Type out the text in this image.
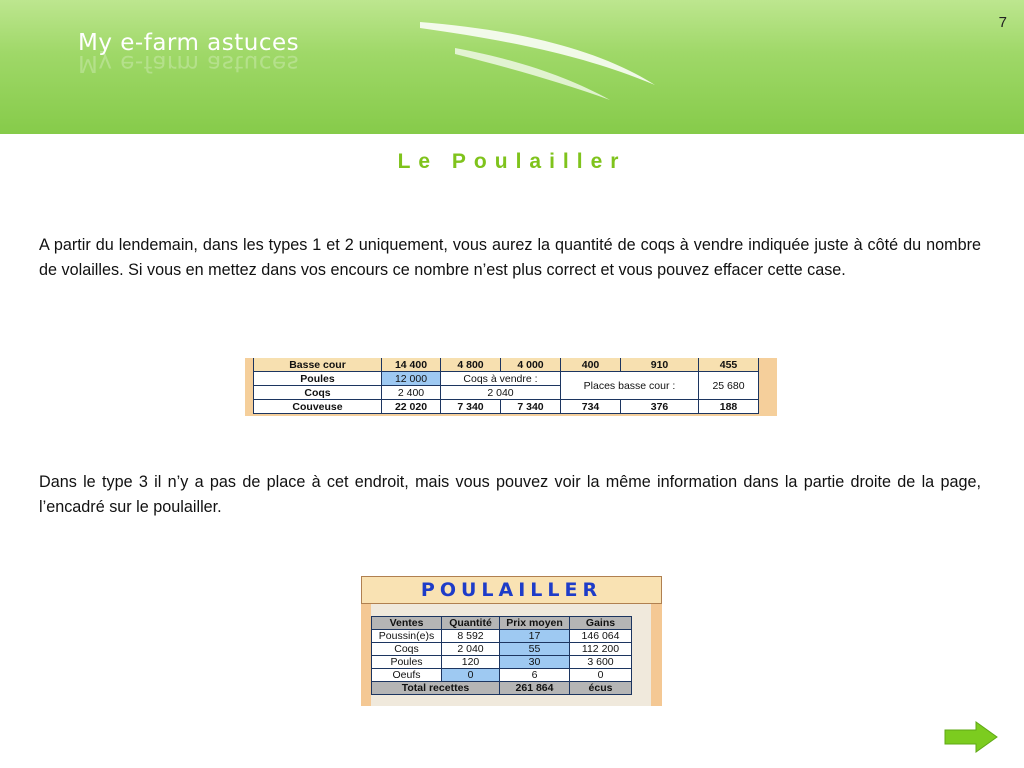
My e-farm astuces
My e-farm astuces
7
Le Poulailler
A partir du lendemain, dans les types 1 et 2 uniquement, vous aurez la quantité de coqs à vendre indiquée juste à côté du nombre de volailles. Si vous en mettez dans vos encours ce nombre n’est plus correct et vous pouvez effacer cette case.
Basse cour	14 400	4 800	4 000	400	910	455
Poules	12 000	Coqs à vendre :		Places basse cour :		25 680
Coqs	2 400	2 040				
Couveuse	22 020	7 340	7 340	734	376	188
Dans le type 3 il n’y a pas de place à cet endroit, mais vous pouvez voir la même information dans la partie droite de la page, l’encadré sur le poulailler.
POULAILLER
Ventes	Quantité	Prix moyen	Gains
Poussin(e)s	8 592	17	146 064
Coqs	2 040	55	112 200
Poules	120	30	3 600
Oeufs	0	6	0
Total recettes		261 864	écus
